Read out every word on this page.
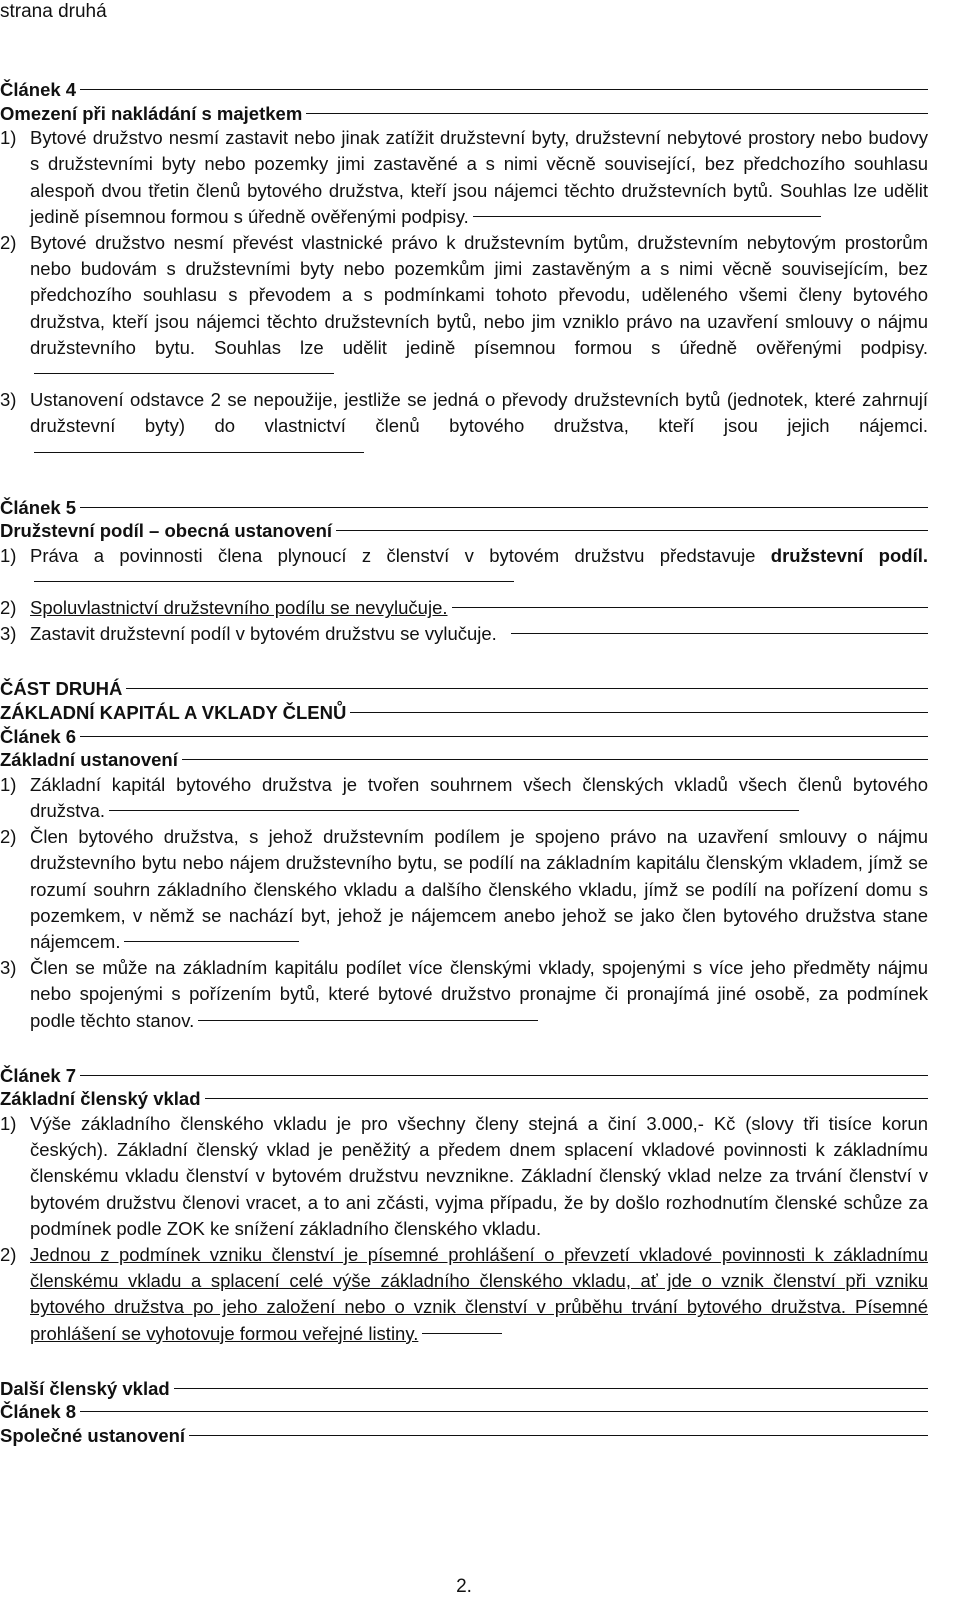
strana druhá
Článek 4
Omezení při nakládání s majetkem
1) Bytové družstvo nesmí zastavit nebo jinak zatížit družstevní byty, družstevní nebytové prostory nebo budovy s družstevními byty nebo pozemky jimi zastavěné a s nimi věcně související, bez předchozího souhlasu alespoň dvou třetin členů bytového družstva, kteří jsou nájemci těchto družstevních bytů. Souhlas lze udělit jedině písemnou formou s úředně ověřenými podpisy.
2) Bytové družstvo nesmí převést vlastnické právo k družstevním bytům, družstevním nebytovým prostorům nebo budovám s družstevními byty nebo pozemkům jimi zastavěným a s nimi věcně souvisejícím, bez předchozího souhlasu s převodem a s podmínkami tohoto převodu, uděleného všemi členy bytového družstva, kteří jsou nájemci těchto družstevních bytů, nebo jim vzniklo právo na uzavření smlouvy o nájmu družstevního bytu. Souhlas lze udělit jedině písemnou formou s úředně ověřenými podpisy.
3) Ustanovení odstavce 2 se nepoužije, jestliže se jedná o převody družstevních bytů (jednotek, které zahrnují družstevní byty) do vlastnictví členů bytového družstva, kteří jsou jejich nájemci.
Článek 5
Družstevní podíl – obecná ustanovení
1) Práva a povinnosti člena plynoucí z členství v bytovém družstvu představuje družstevní podíl.
2) Spoluvlastnictví družstevního podílu se nevylučuje.
3) Zastavit družstevní podíl v bytovém družstvu se vylučuje.
ČÁST DRUHÁ
ZÁKLADNÍ KAPITÁL A VKLADY ČLENŮ
Článek 6
Základní ustanovení
1) Základní kapitál bytového družstva je tvořen souhrnem všech členských vkladů všech členů bytového družstva.
2) Člen bytového družstva, s jehož družstevním podílem je spojeno právo na uzavření smlouvy o nájmu družstevního bytu nebo nájem družstevního bytu, se podílí na základním kapitálu členským vkladem, jímž se rozumí souhrn základního členského vkladu a dalšího členského vkladu, jímž se podílí na pořízení domu s pozemkem, v němž se nachází byt, jehož je nájemcem anebo jehož se jako člen bytového družstva stane nájemcem.
3) Člen se může na základním kapitálu podílet více členskými vklady, spojenými s více jeho předměty nájmu nebo spojenými s pořízením bytů, které bytové družstvo pronajme či pronajímá jiné osobě, za podmínek podle těchto stanov.
Článek 7
Základní členský vklad
1) Výše základního členského vkladu je pro všechny členy stejná a činí 3.000,- Kč (slovy tři tisíce korun českých). Základní členský vklad je peněžitý a předem dnem splacení vkladové povinnosti k základnímu členskému vkladu členství v bytovém družstvu nevznikne. Základní členský vklad nelze za trvání členství v bytovém družstvu členovi vracet, a to ani zčásti, vyjma případu, že by došlo rozhodnutím členské schůze za podmínek podle ZOK ke snížení základního členského vkladu.
2) Jednou z podmínek vzniku členství je písemné prohlášení o převzetí vkladové povinnosti k základnímu členskému vkladu a splacení celé výše základního členského vkladu, ať jde o vznik členství při vzniku bytového družstva po jeho založení nebo o vznik členství v průběhu trvání bytového družstva. Písemné prohlášení se vyhotovuje formou veřejné listiny.
Další členský vklad
Článek 8
Společné ustanovení
2.
